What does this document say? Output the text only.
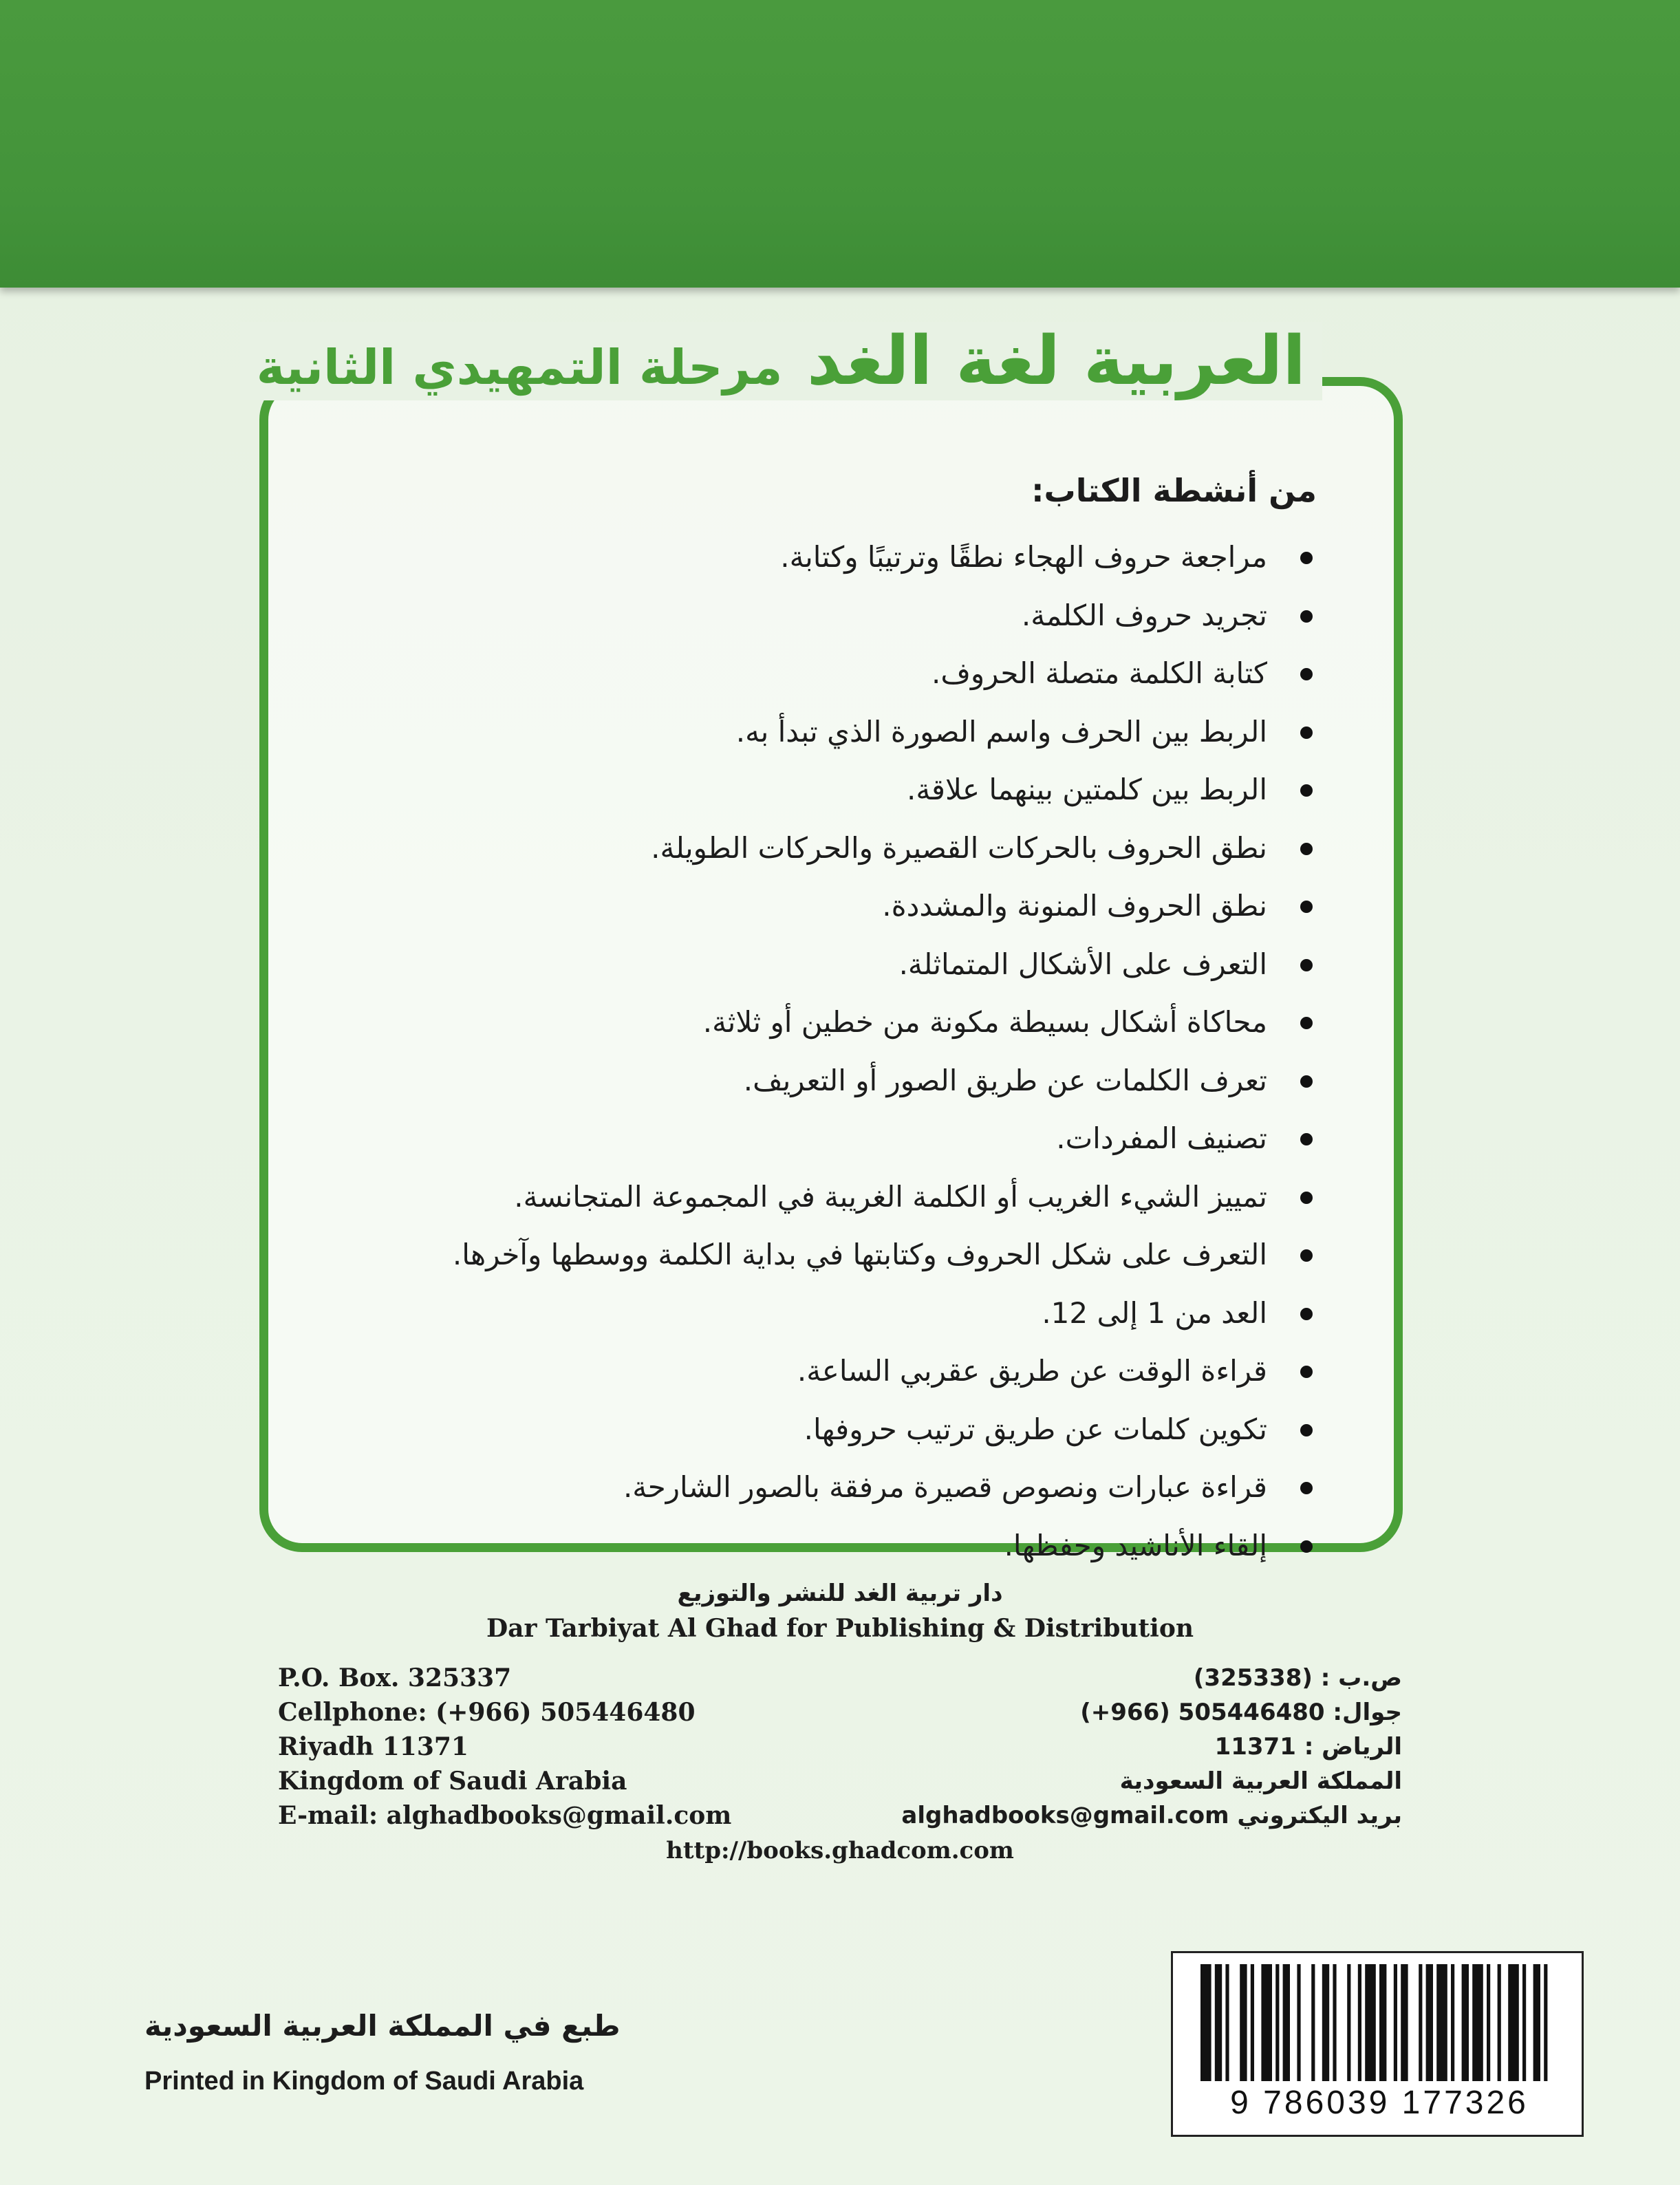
العربية لغة الغد مرحلة التمهيدي الثانية
من أنشطة الكتاب:
مراجعة حروف الهجاء نطقًا وترتيبًا وكتابة.
تجريد حروف الكلمة.
كتابة الكلمة متصلة الحروف.
الربط بين الحرف واسم الصورة الذي تبدأ به.
الربط بين كلمتين بينهما علاقة.
نطق الحروف بالحركات القصيرة والحركات الطويلة.
نطق الحروف المنونة والمشددة.
التعرف على الأشكال المتماثلة.
محاكاة أشكال بسيطة مكونة من خطين أو ثلاثة.
تعرف الكلمات عن طريق الصور أو التعريف.
تصنيف المفردات.
تمييز الشيء الغريب أو الكلمة الغريبة في المجموعة المتجانسة.
التعرف على شكل الحروف وكتابتها في بداية الكلمة ووسطها وآخرها.
العد من 1 إلى 12.
قراءة الوقت عن طريق عقربي الساعة.
تكوين كلمات عن طريق ترتيب حروفها.
قراءة عبارات ونصوص قصيرة مرفقة بالصور الشارحة.
إلقاء الأناشيد وحفظها.
دار تربية الغد للنشر والتوزيع
Dar Tarbiyat Al Ghad for Publishing & Distribution
P.O. Box. 325337
Cellphone: (+966) 505446480
Riyadh 11371
Kingdom of Saudi Arabia
E-mail: alghadbooks@gmail.com
ص.ب : (325338)
جوال: 505446480 (966+)
الرياض : 11371
المملكة العربية السعودية
بريد اليكتروني alghadbooks@gmail.com
http://books.ghadcom.com
طبع في المملكة العربية السعودية
Printed in Kingdom of Saudi Arabia
9 786039 177326
